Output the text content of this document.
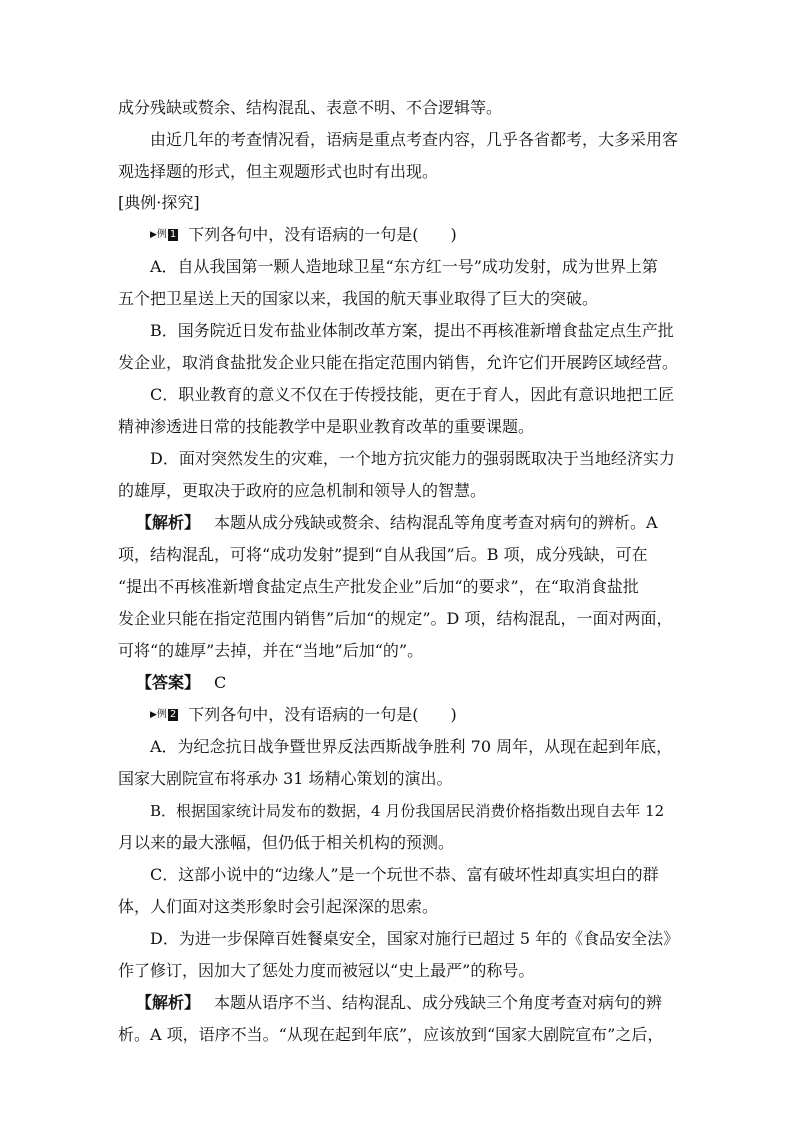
成分残缺或赘余、结构混乱、表意不明、不合逻辑等。
由近几年的考查情况看，语病是重点考查内容，几乎各省都考，大多采用客
观选择题的形式，但主观题形式也时有出现。
[典例·探究]
▶例 1 下列各句中，没有语病的一句是(　　)
A．自从我国第一颗人造地球卫星“东方红一号”成功发射，成为世界上第
五个把卫星送上天的国家以来，我国的航天事业取得了巨大的突破。
B．国务院近日发布盐业体制改革方案，提出不再核准新增食盐定点生产批
发企业，取消食盐批发企业只能在指定范围内销售，允许它们开展跨区域经营。
C．职业教育的意义不仅在于传授技能，更在于育人，因此有意识地把工匠
精神渗透进日常的技能教学中是职业教育改革的重要课题。
D．面对突然发生的灾难，一个地方抗灾能力的强弱既取决于当地经济实力
的雄厚，更取决于政府的应急机制和领导人的智慧。
【解析】 本题从成分残缺或赘余、结构混乱等角度考查对病句的辨析。A
项，结构混乱，可将“成功发射”提到“自从我国”后。B 项，成分残缺，可在
“提出不再核准新增食盐定点生产批发企业”后加“的要求”，在“取消食盐批
发企业只能在指定范围内销售”后加“的规定”。D 项，结构混乱，一面对两面，
可将“的雄厚”去掉，并在“当地”后加“的”。
【答案】 C
▶例 2 下列各句中，没有语病的一句是(　　)
A．为纪念抗日战争暨世界反法西斯战争胜利 70 周年，从现在起到年底，
国家大剧院宣布将承办 31 场精心策划的演出。
B．根据国家统计局发布的数据，4 月份我国居民消费价格指数出现自去年 12
月以来的最大涨幅，但仍低于相关机构的预测。
C．这部小说中的“边缘人”是一个玩世不恭、富有破坏性却真实坦白的群
体，人们面对这类形象时会引起深深的思索。
D．为进一步保障百姓餐桌安全，国家对施行已超过 5 年的《食品安全法》
作了修订，因加大了惩处力度而被冠以“史上最严”的称号。
【解析】 本题从语序不当、结构混乱、成分残缺三个角度考查对病句的辨
析。A 项，语序不当。“从现在起到年底”，应该放到“国家大剧院宣布”之后，
